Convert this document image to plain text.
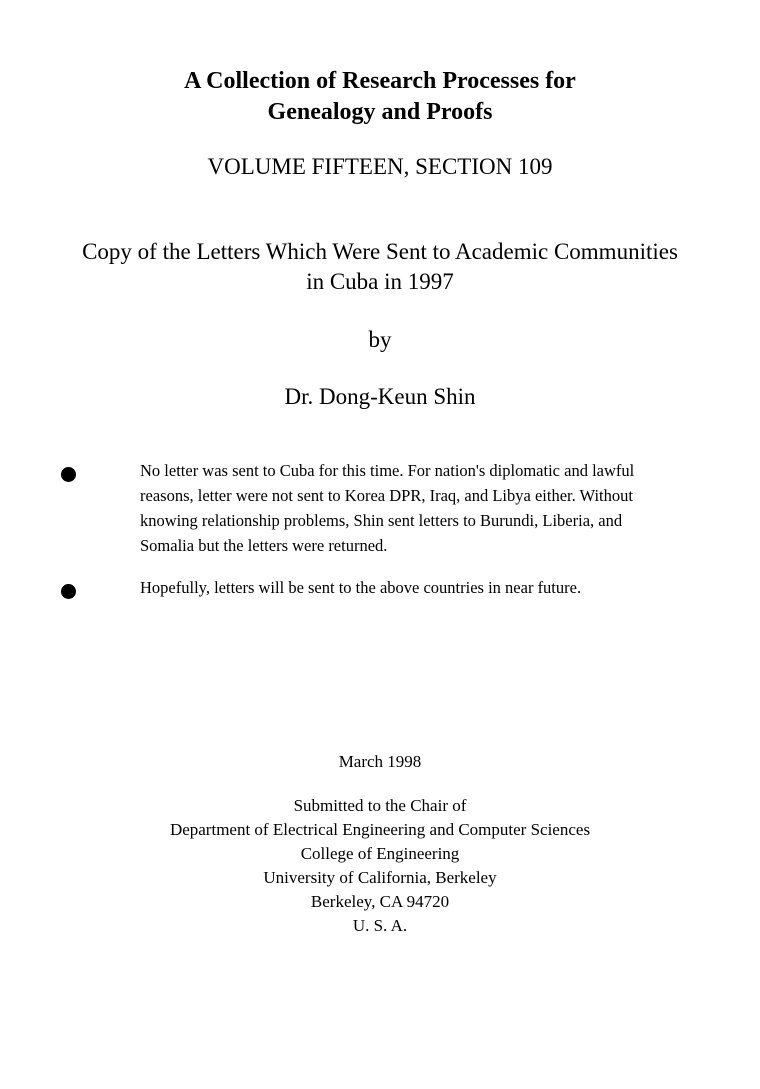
A Collection of Research Processes for
Genealogy and Proofs
VOLUME FIFTEEN, SECTION 109
Copy of the Letters Which Were Sent to Academic Communities
in Cuba in 1997
by
Dr. Dong-Keun Shin
No letter was sent to Cuba for this time. For nation's diplomatic and lawful
reasons, letter were not sent to Korea DPR, Iraq, and Libya either. Without
knowing relationship problems, Shin sent letters to Burundi, Liberia, and
Somalia but the letters were returned.
Hopefully, letters will be sent to the above countries in near future.
March 1998
Submitted to the Chair of
Department of Electrical Engineering and Computer Sciences
College of Engineering
University of California, Berkeley
Berkeley, CA 94720
U. S. A.
